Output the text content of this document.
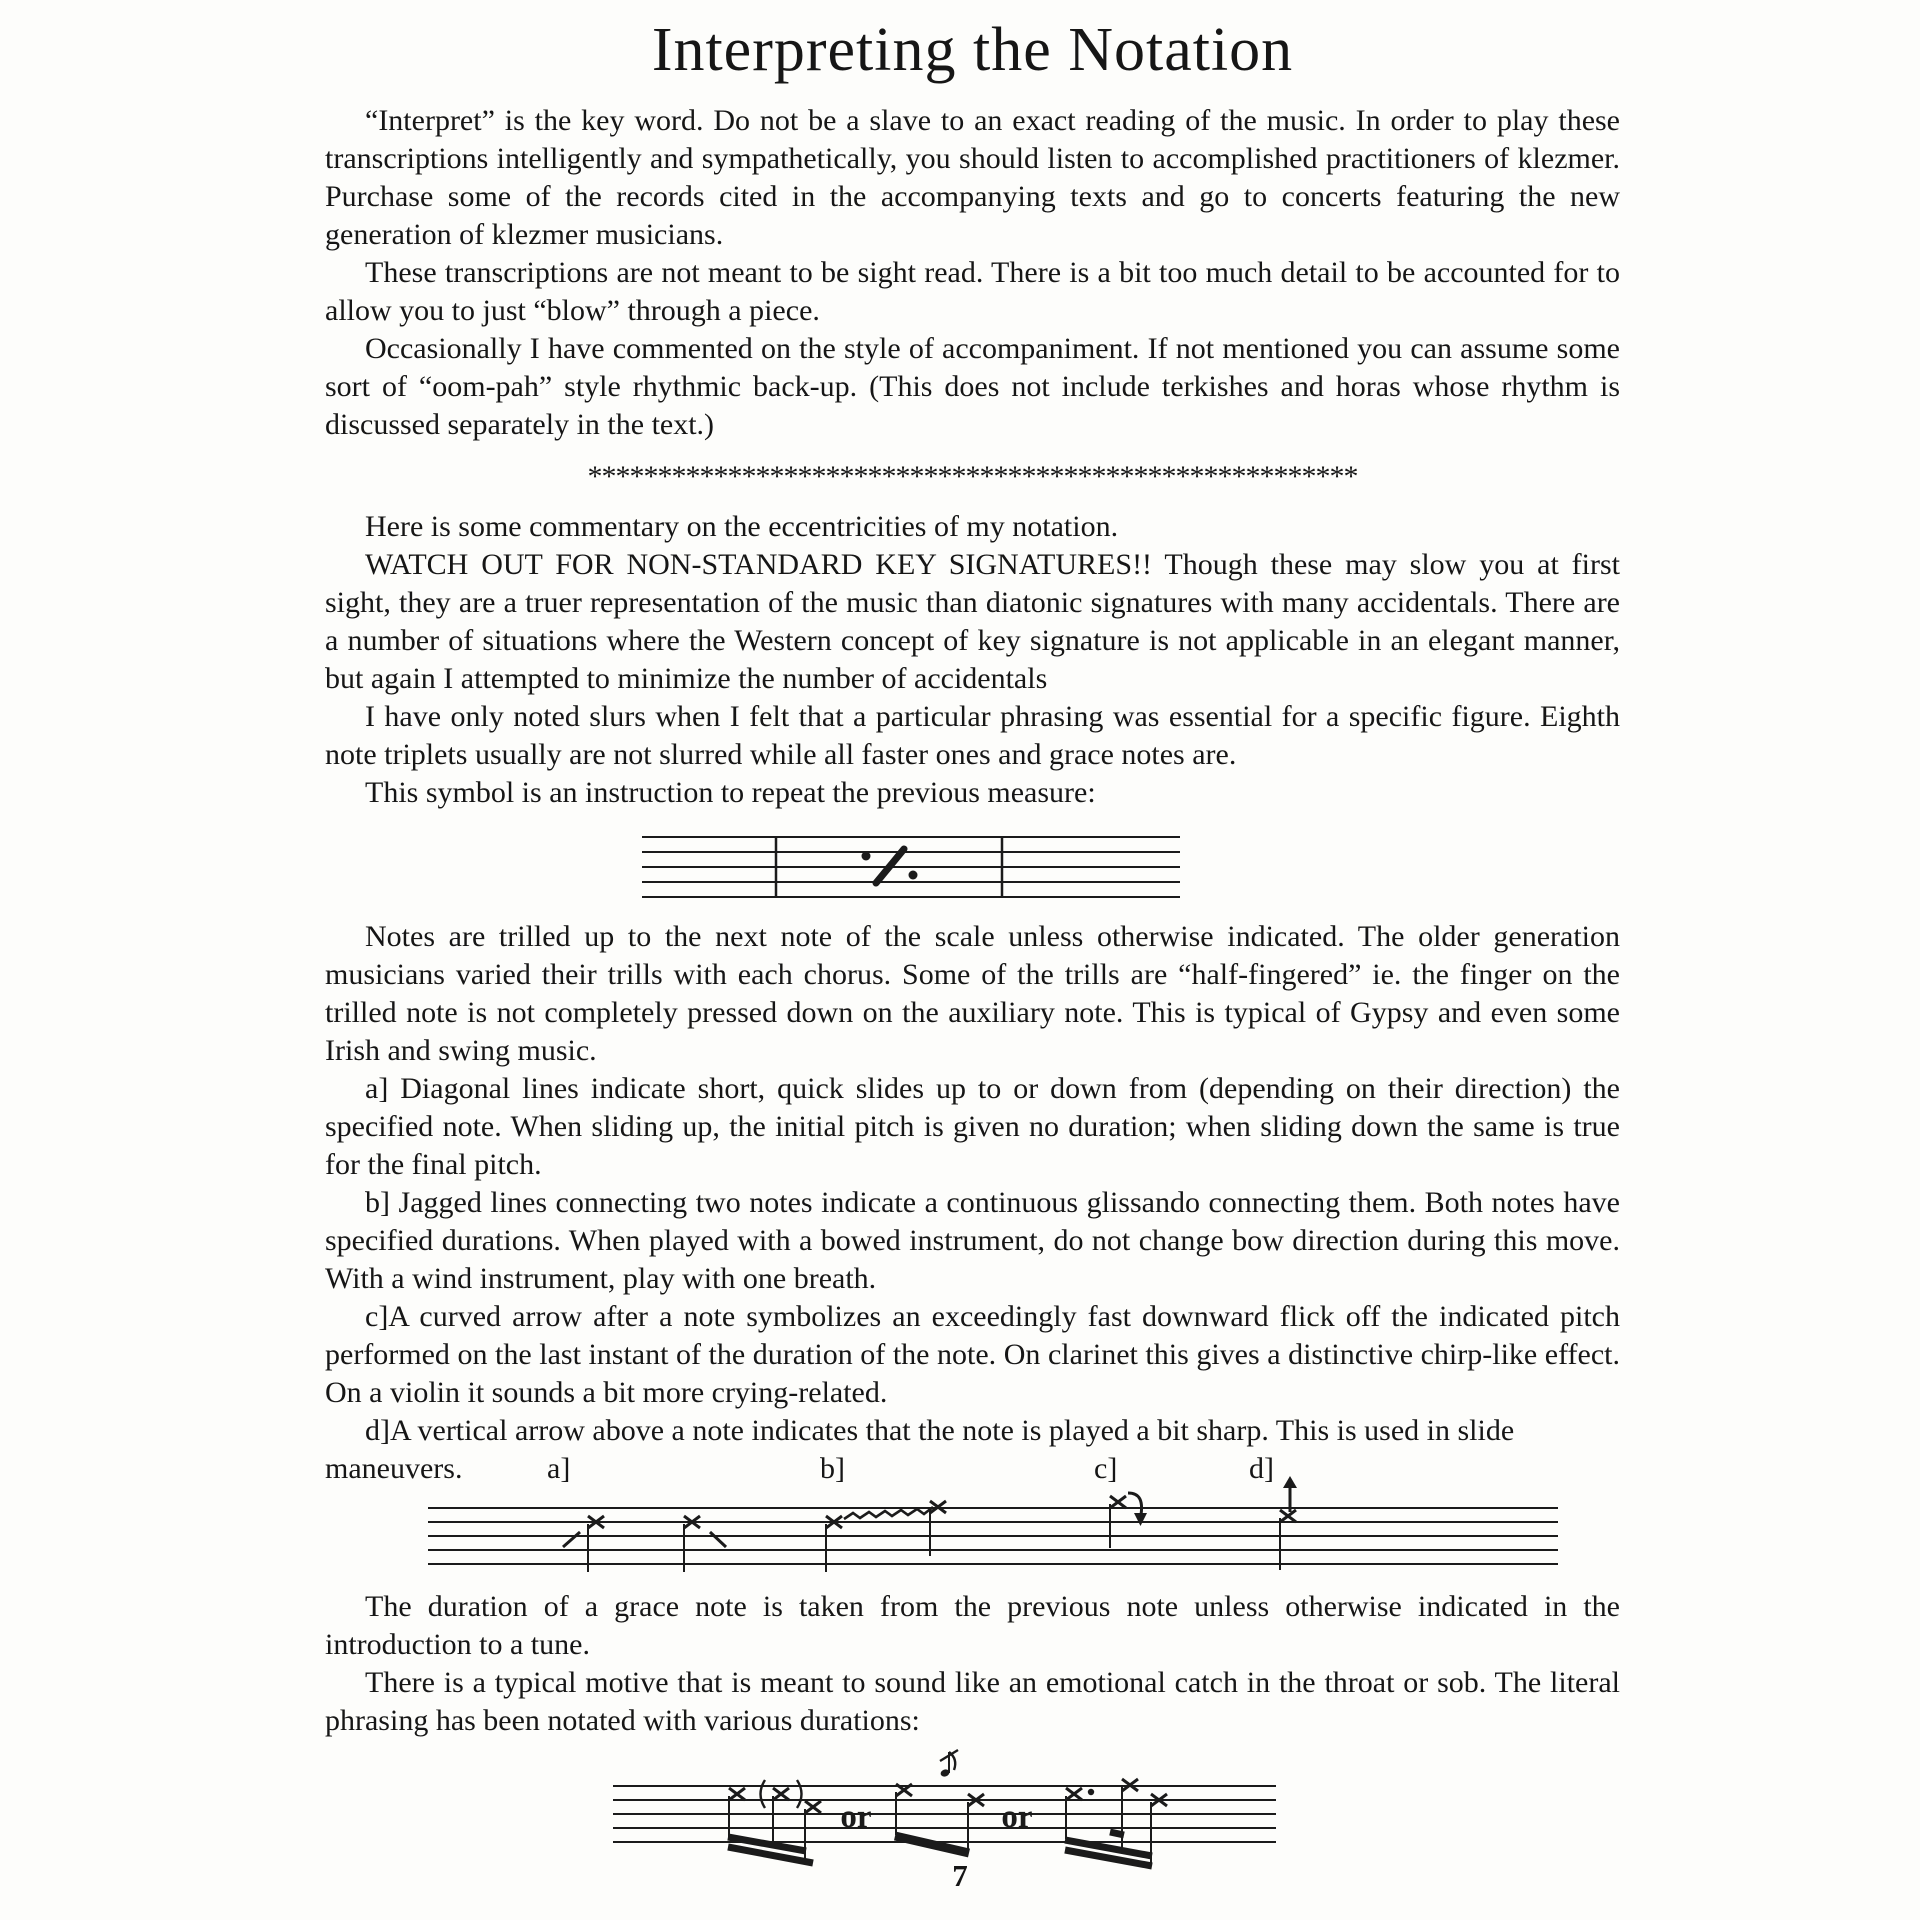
Interpreting the Notation

“Interpret” is the key word. Do not be a slave to an exact reading of the music. In order to play these transcriptions intelligently and sympathetically, you should listen to accomplished practitioners of klezmer. Purchase some of the records cited in the accompanying texts and go to concerts featuring the new generation of klezmer musicians.

These transcriptions are not meant to be sight read. There is a bit too much detail to be accounted for to allow you to just “blow” through a piece.

Occasionally I have commented on the style of accompaniment. If not mentioned you can assume some sort of “oom-pah” style rhythmic back-up. (This does not include terkishes and horas whose rhythm is discussed separately in the text.)

*******************************************************

Here is some commentary on the eccentricities of my notation.

WATCH OUT FOR NON-STANDARD KEY SIGNATURES!! Though these may slow you at first sight, they are a truer representation of the music than diatonic signatures with many accidentals. There are a number of situations where the Western concept of key signature is not applicable in an elegant manner, but again I attempted to minimize the number of accidentals

I have only noted slurs when I felt that a particular phrasing was essential for a specific figure. Eighth note triplets usually are not slurred while all faster ones and grace notes are.

This symbol is an instruction to repeat the previous measure:

Notes are trilled up to the next note of the scale unless otherwise indicated. The older generation musicians varied their trills with each chorus. Some of the trills are “half-fingered” ie. the finger on the trilled note is not completely pressed down on the auxiliary note. This is typical of Gypsy and even some Irish and swing music.

a] Diagonal lines indicate short, quick slides up to or down from (depending on their direction) the specified note. When sliding up, the initial pitch is given no duration; when sliding down the same is true for the final pitch.

b] Jagged lines connecting two notes indicate a continuous glissando connecting them. Both notes have specified durations. When played with a bowed instrument, do not change bow direction during this move. With a wind instrument, play with one breath.

c]A curved arrow after a note symbolizes an exceedingly fast downward flick off the indicated pitch performed on the last instant of the duration of the note. On clarinet this gives a distinctive chirp-like effect. On a violin it sounds a bit more crying-related.

d]A vertical arrow above a note indicates that the note is played a bit sharp. This is used in slide

maneuvers.	a]	b]	c]	d]

The duration of a grace note is taken from the previous note unless otherwise indicated in the introduction to a tune.

There is a typical motive that is meant to sound like an emotional catch in the throat or sob. The literal phrasing has been notated with various durations:

or	or
7
